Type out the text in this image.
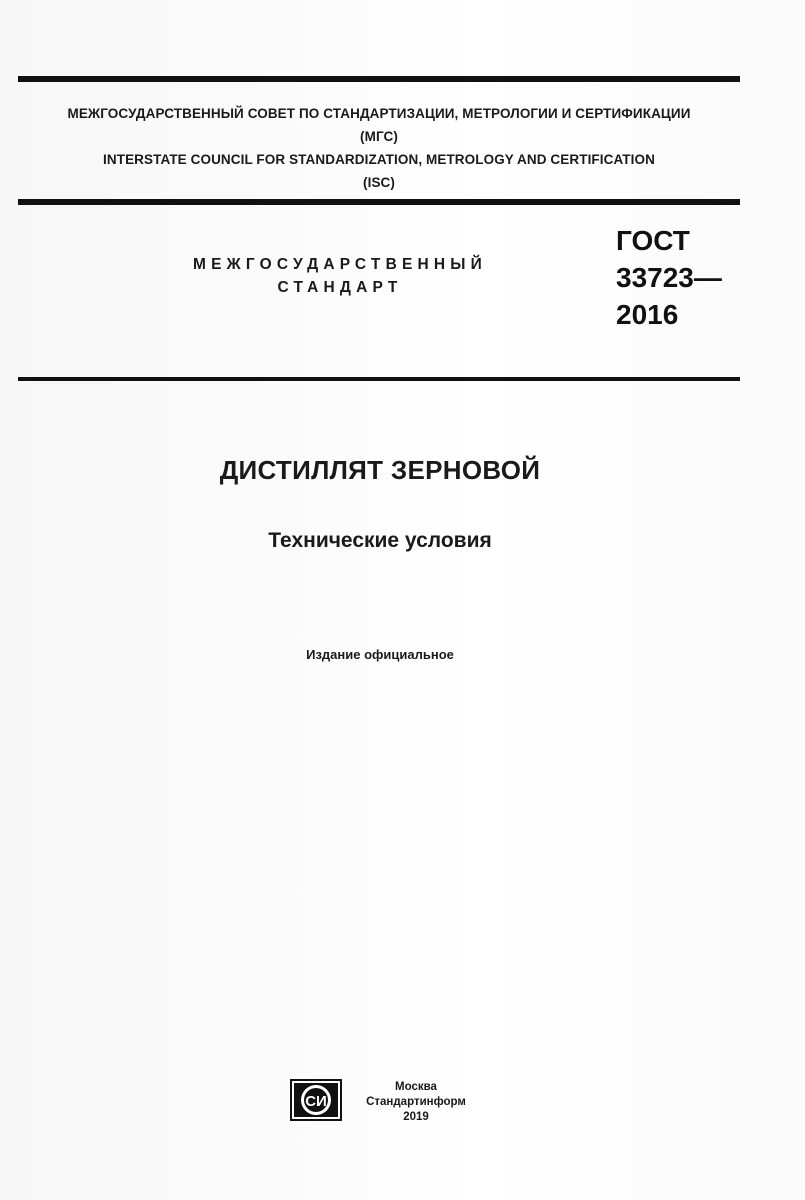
МЕЖГОСУДАРСТВЕННЫЙ СОВЕТ ПО СТАНДАРТИЗАЦИИ, МЕТРОЛОГИИ И СЕРТИФИКАЦИИ
(МГС)
INTERSTATE COUNCIL FOR STANDARDIZATION, METROLOGY AND CERTIFICATION
(ISC)
МЕЖГОСУДАРСТВЕННЫЙ
СТАНДАРТ
ГОСТ
33723—
2016
ДИСТИЛЛЯТ ЗЕРНОВОЙ
Технические условия
Издание официальное
СИ
Москва
Стандартинформ
2019
